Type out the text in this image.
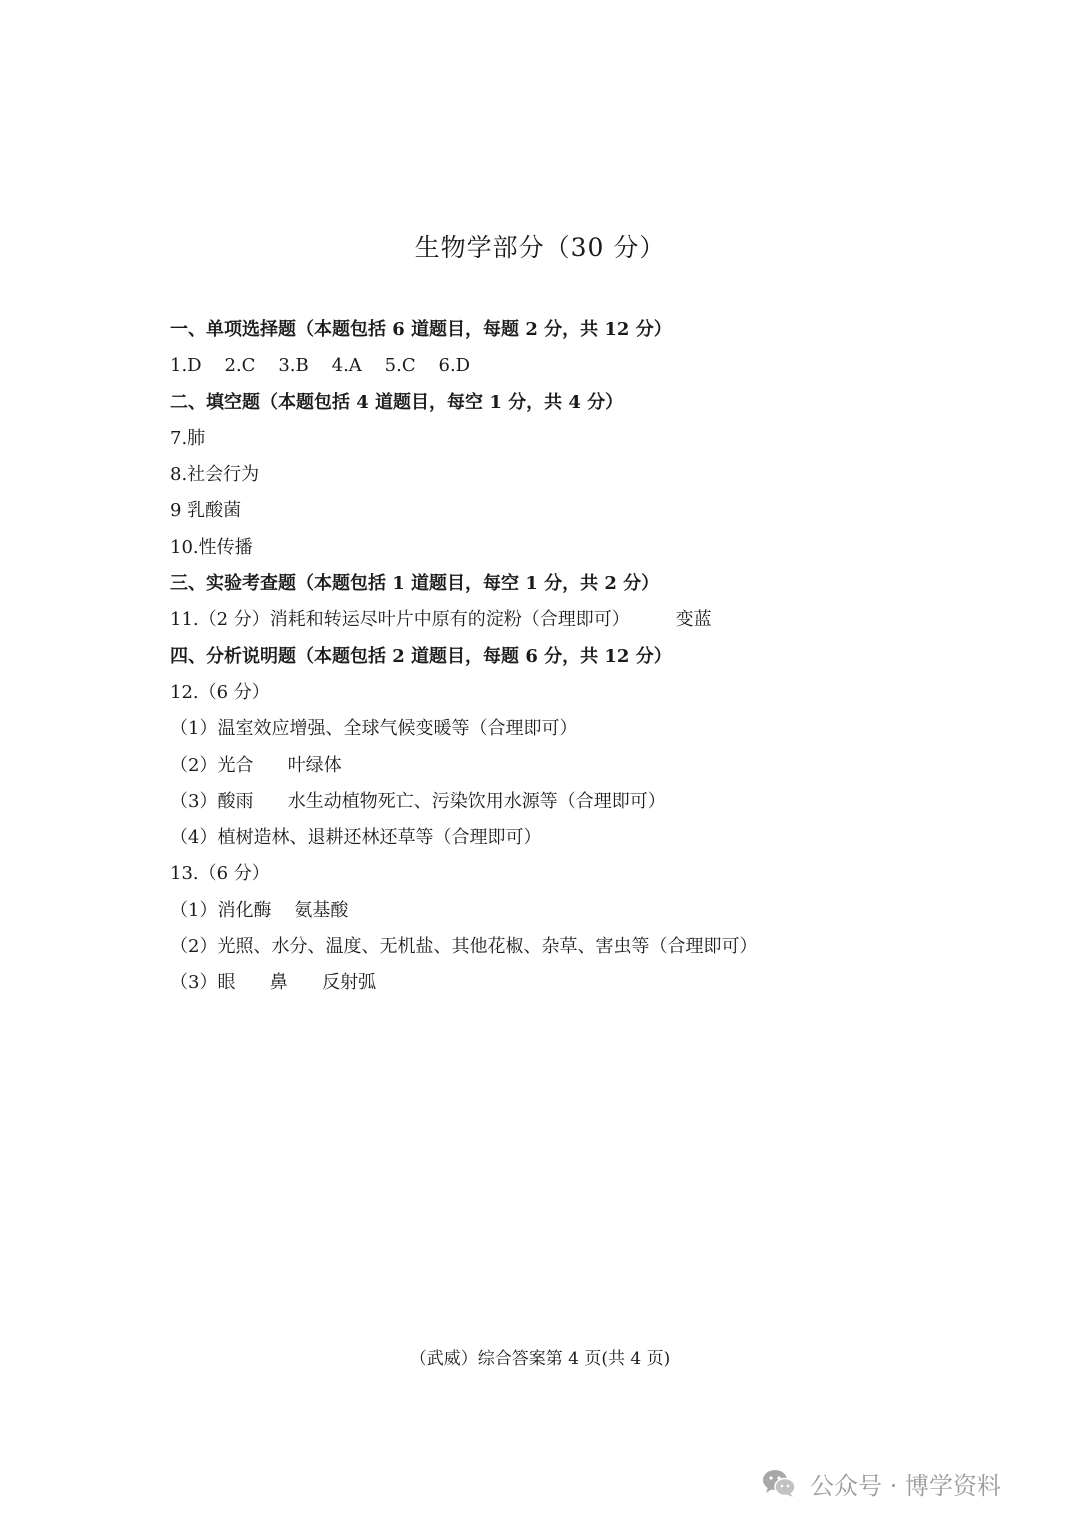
生物学部分（30 分）
一、单项选择题（本题包括 6 道题目，每题 2 分，共 12 分）
1.D    2.C    3.B    4.A    5.C    6.D
二、填空题（本题包括 4 道题目，每空 1 分，共 4 分）
7.肺
8.社会行为
9 乳酸菌
10.性传播
三、实验考查题（本题包括 1 道题目，每空 1 分，共 2 分）
11.（2 分）消耗和转运尽叶片中原有的淀粉（合理即可）        变蓝
四、分析说明题（本题包括 2 道题目，每题 6 分，共 12 分）
12.（6 分）
（1）温室效应增强、全球气候变暖等（合理即可）
（2）光合      叶绿体
（3）酸雨      水生动植物死亡、污染饮用水源等（合理即可）
（4）植树造林、退耕还林还草等（合理即可）
13.（6 分）
（1）消化酶    氨基酸
（2）光照、水分、温度、无机盐、其他花椒、杂草、害虫等（合理即可）
（3）眼      鼻      反射弧
（武威）综合答案第 4 页(共 4 页)
公众号 · 博学资料
